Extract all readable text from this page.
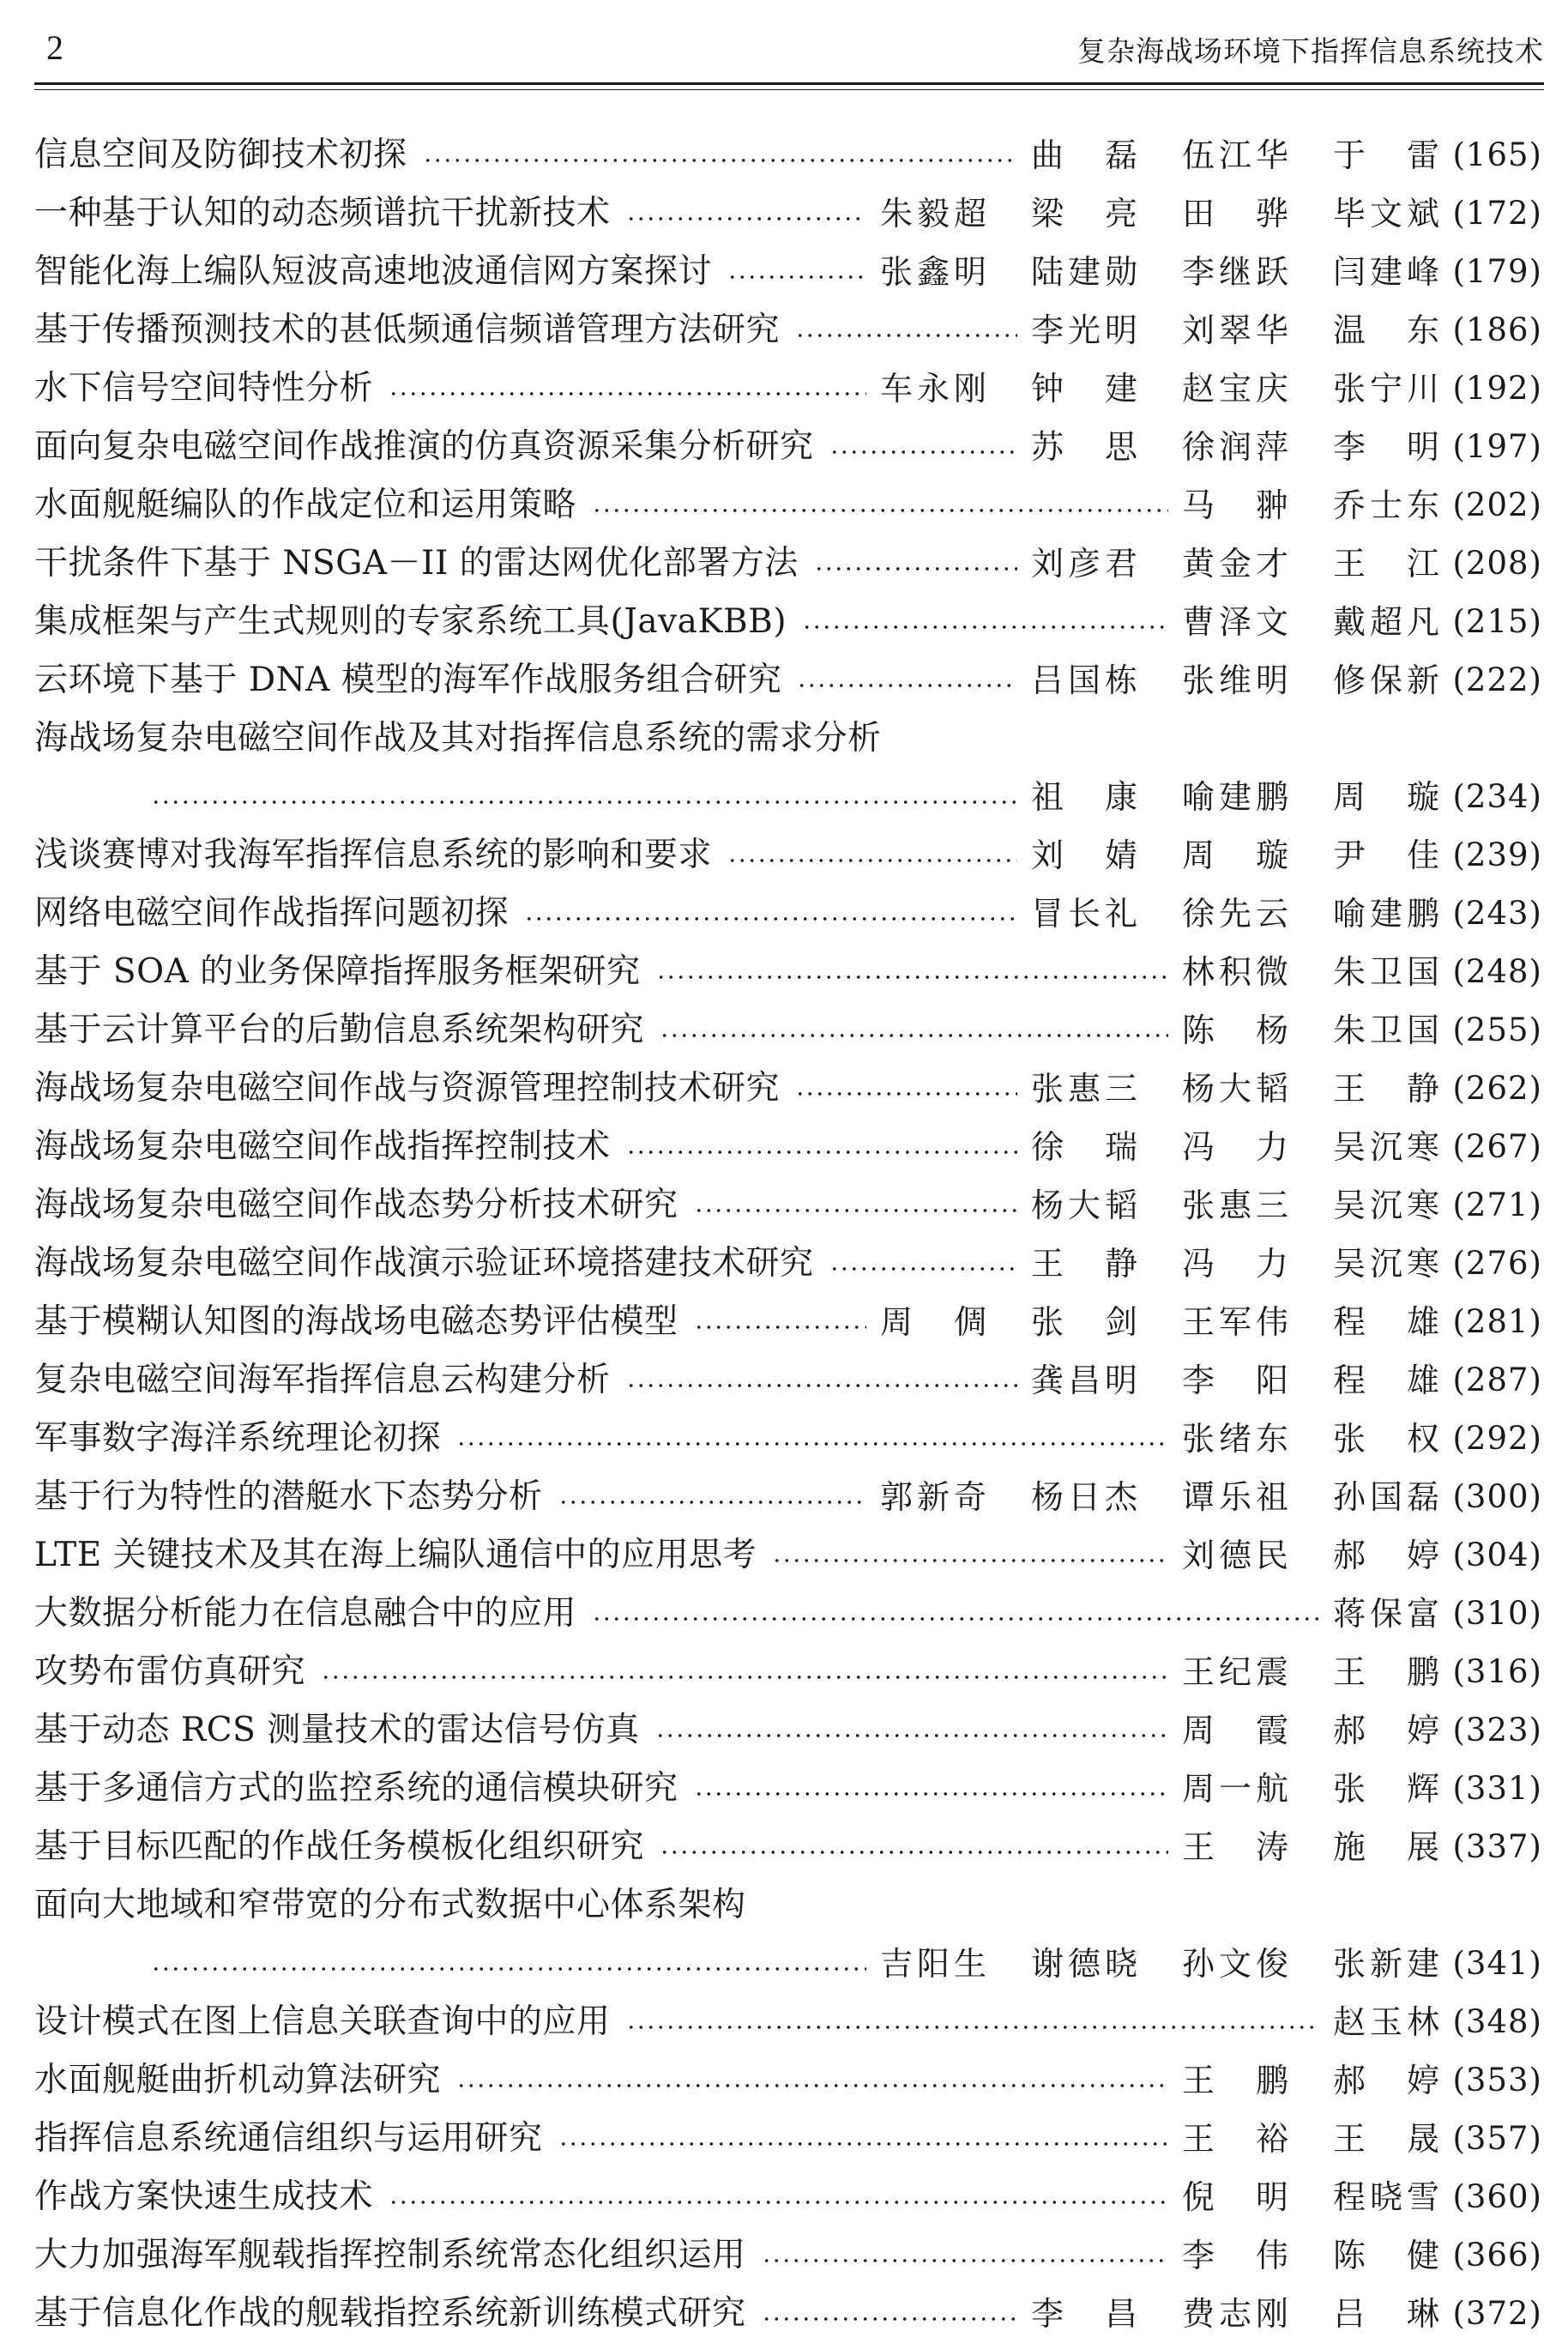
2	复杂海战场环境下指挥信息系统技术
信息空间及防御技术初探	曲　磊 伍江华 于　雷 (165)
一种基于认知的动态频谱抗干扰新技术	朱毅超 梁　亮 田　骅 毕文斌 (172)
智能化海上编队短波高速地波通信网方案探讨	张鑫明 陆建勋 李继跃 闫建峰 (179)
基于传播预测技术的甚低频通信频谱管理方法研究	李光明 刘翠华 温　东 (186)
水下信号空间特性分析	车永刚 钟　建 赵宝庆 张宁川 (192)
面向复杂电磁空间作战推演的仿真资源采集分析研究	苏　思 徐润萍 李　明 (197)
水面舰艇编队的作战定位和运用策略	马　翀 乔士东 (202)
干扰条件下基于 NSGA－II 的雷达网优化部署方法	刘彦君 黄金才 王　江 (208)
集成框架与产生式规则的专家系统工具(JavaKBB)	曹泽文 戴超凡 (215)
云环境下基于 DNA 模型的海军作战服务组合研究	吕国栋 张维明 修保新 (222)
海战场复杂电磁空间作战及其对指挥信息系统的需求分析
祖　康 喻建鹏 周　璇 (234)
浅谈赛博对我海军指挥信息系统的影响和要求	刘　婧 周　璇 尹　佳 (239)
网络电磁空间作战指挥问题初探	冒长礼 徐先云 喻建鹏 (243)
基于 SOA 的业务保障指挥服务框架研究	林积微 朱卫国 (248)
基于云计算平台的后勤信息系统架构研究	陈　杨 朱卫国 (255)
海战场复杂电磁空间作战与资源管理控制技术研究	张惠三 杨大韬 王　静 (262)
海战场复杂电磁空间作战指挥控制技术	徐　瑞 冯　力 吴沉寒 (267)
海战场复杂电磁空间作战态势分析技术研究	杨大韬 张惠三 吴沉寒 (271)
海战场复杂电磁空间作战演示验证环境搭建技术研究	王　静 冯　力 吴沉寒 (276)
基于模糊认知图的海战场电磁态势评估模型	周　倜 张　剑 王军伟 程　雄 (281)
复杂电磁空间海军指挥信息云构建分析	龚昌明 李　阳 程　雄 (287)
军事数字海洋系统理论初探	张绪东 张　权 (292)
基于行为特性的潜艇水下态势分析	郭新奇 杨日杰 谭乐祖 孙国磊 (300)
LTE 关键技术及其在海上编队通信中的应用思考	刘德民 郝　婷 (304)
大数据分析能力在信息融合中的应用	蒋保富 (310)
攻势布雷仿真研究	王纪震 王　鹏 (316)
基于动态 RCS 测量技术的雷达信号仿真	周　霞 郝　婷 (323)
基于多通信方式的监控系统的通信模块研究	周一航 张　辉 (331)
基于目标匹配的作战任务模板化组织研究	王　涛 施　展 (337)
面向大地域和窄带宽的分布式数据中心体系架构
吉阳生 谢德晓 孙文俊 张新建 (341)
设计模式在图上信息关联查询中的应用	赵玉林 (348)
水面舰艇曲折机动算法研究	王　鹏 郝　婷 (353)
指挥信息系统通信组织与运用研究	王　裕 王　晟 (357)
作战方案快速生成技术	倪　明 程晓雪 (360)
大力加强海军舰载指挥控制系统常态化组织运用	李　伟 陈　健 (366)
基于信息化作战的舰载指控系统新训练模式研究	李　昌 费志刚 吕　琳 (372)
